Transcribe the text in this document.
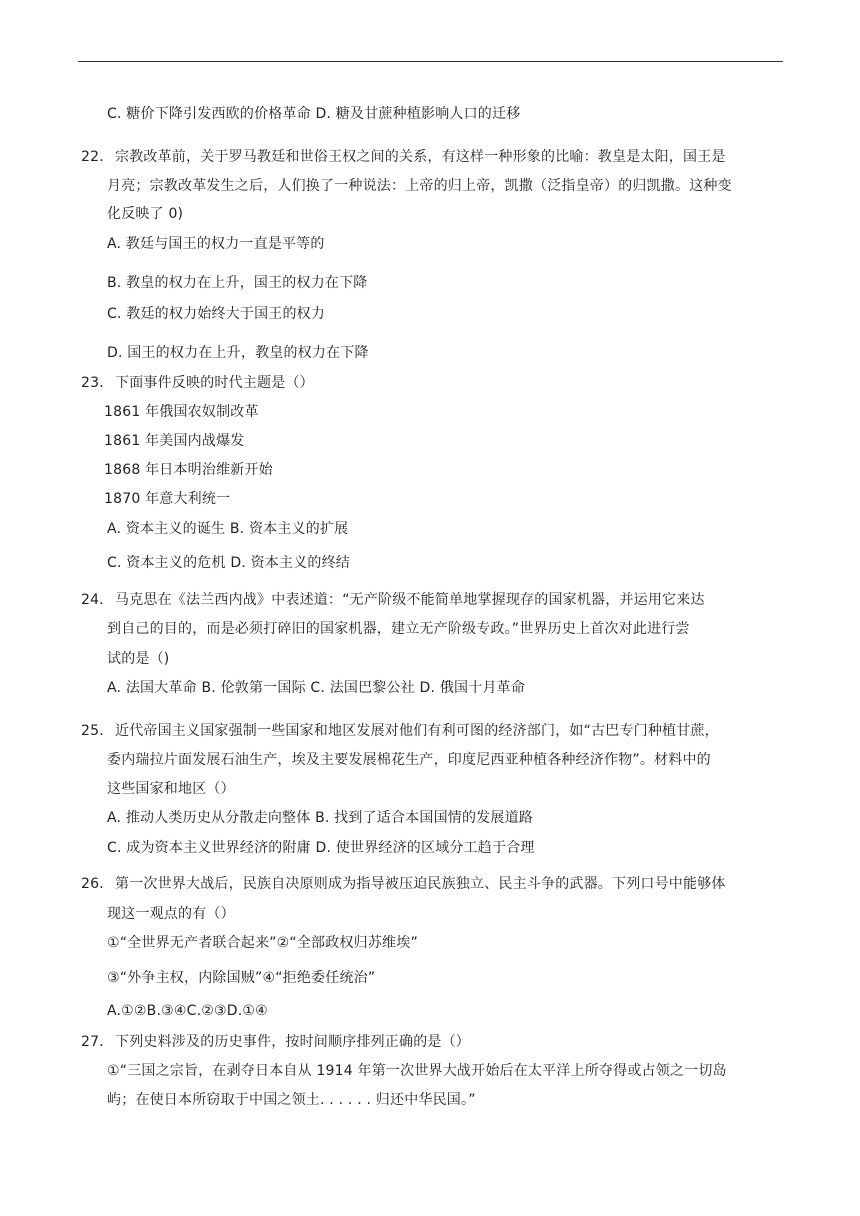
C. 糖价下降引发西欧的价格革命 D. 糖及甘蔗种植影响人口的迁移
22． 宗教改革前，关于罗马教廷和世俗王权之间的关系，有这样一种形象的比喻：教皇是太阳，国王是
月亮；宗教改革发生之后，人们换了一种说法：上帝的归上帝，凯撒（泛指皇帝）的归凯撒。这种变
化反映了 0)
A. 教廷与国王的权力一直是平等的
B. 教皇的权力在上升，国王的权力在下降
C. 教廷的权力始终大于国王的权力
D. 国王的权力在上升，教皇的权力在下降
23． 下面事件反映的时代主题是（）
1861 年俄国农奴制改革
1861 年美国内战爆发
1868 年日本明治维新开始
1870 年意大利统一
A. 资本主义的诞生 B. 资本主义的扩展
C. 资本主义的危机 D. 资本主义的终结
24． 马克思在《法兰西内战》中表述道：“无产阶级不能简单地掌握现存的国家机器，并运用它来达
到自己的目的，而是必须打碎旧的国家机器，建立无产阶级专政。”世界历史上首次对此进行尝
试的是（)
A. 法国大革命 B. 伦敦第一国际 C. 法国巴黎公社 D. 俄国十月革命
25． 近代帝国主义国家强制一些国家和地区发展对他们有利可图的经济部门，如“古巴专门种植甘蔗，
委内瑞拉片面发展石油生产，埃及主要发展棉花生产，印度尼西亚种植各种经济作物”。材料中的
这些国家和地区（）
A. 推动人类历史从分散走向整体 B. 找到了适合本国国情的发展道路
C. 成为资本主义世界经济的附庸 D. 使世界经济的区域分工趋于合理
26． 第一次世界大战后，民族自决原则成为指导被压迫民族独立、民主斗争的武器。下列口号中能够体
现这一观点的有（）
①“全世界无产者联合起来”②“全部政权归苏维埃”
③“外争主权，内除国贼”④“拒绝委任统治”
A.①②B.③④C.②③D.①④
27． 下列史料涉及的历史事件，按时间顺序排列正确的是（）
①“三国之宗旨，在剥夺日本自从 1914 年第一次世界大战开始后在太平洋上所夺得或占领之一切岛
屿；在使日本所窃取于中国之领土. . . . . . 归还中华民国。”
